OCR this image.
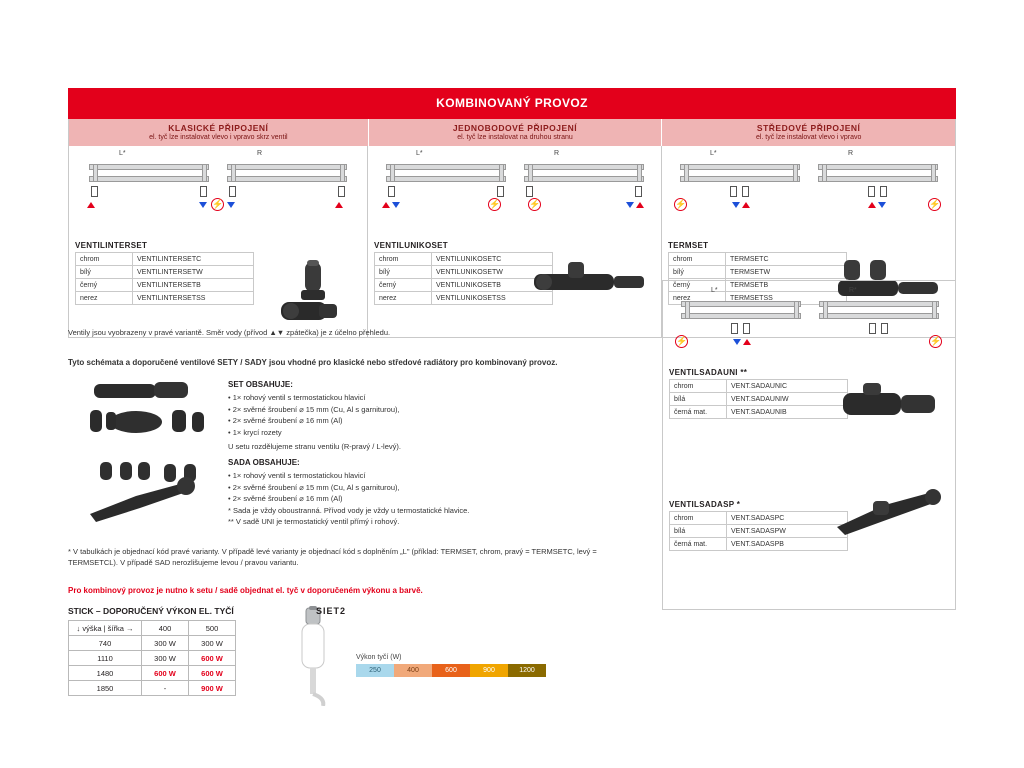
KOMBINOVANÝ PROVOZ
KLASICKÉ PŘIPOJENÍ
el. tyč lze instalovat vlevo i vpravo skrz ventil
JEDNOBODOVÉ PŘIPOJENÍ
el. tyč lze instalovat na druhou stranu
STŘEDOVÉ PŘIPOJENÍ
el. tyč lze instalovat vlevo i vpravo
L*	R
⚡
VENTILINTERSET
chrom	VENTILINTERSETC
bílý	VENTILINTERSETW
černý	VENTILINTERSETB
nerez	VENTILINTERSETSS
L*	R
⚡	⚡
VENTILUNIKOSET
chrom	VENTILUNIKOSETC
bílý	VENTILUNIKOSETW
černý	VENTILUNIKOSETB
nerez	VENTILUNIKOSETSS
L*	R
⚡	⚡
TERMSET
chrom	TERMSETC
bílý	TERMSETW
černý	TERMSETB
nerez	TERMSETSS
Ventily jsou vyobrazeny v pravé variantě. Směr vody (přívod ▲▼ zpátečka) je z účelno přehledu.
Tyto schémata a doporučené ventilové SETY / SADY jsou vhodné pro klasické nebo středové radiátory pro kombinovaný provoz.
SET OBSAHUJE:
• 1× rohový ventil s termostatickou hlavicí
• 2× svěrné šroubení ⌀ 15 mm (Cu, Al s garniturou),
• 2× svěrné šroubení ⌀ 16 mm (Al)
• 1× krycí rozety
U setu rozdělujeme stranu ventilu (R-pravý / L-levý).
SADA OBSAHUJE:
• 1× rohový ventil s termostatickou hlavicí
• 2× svěrné šroubení ⌀ 15 mm (Cu, Al s garniturou),
• 2× svěrné šroubení ⌀ 16 mm (Al)
* Sada je vždy oboustranná. Přívod vody je vždy u termostatické hlavice.
** V sadě UNI je termostatický ventil přímý i rohový.
* V tabulkách je objednací kód pravé varianty. V případě levé varianty je objednací kód s doplněním „L" (příklad: TERMSET, chrom, pravý = TERMSETC, levý = TERMSETCL). V případě SAD nerozlišujeme levou / pravou variantu.
Pro kombinový provoz je nutno k setu / sadě objednat el. tyč v doporučeném výkonu a barvě.
L*	R*
⚡	⚡
VENTILSADAUNI **
chrom	VENT.SADAUNIC
bílá	VENT.SADAUNIW
černá mat.	VENT.SADAUNIB
VENTILSADASP *
chrom	VENT.SADASPC
bílá	VENT.SADASPW
černá mat.	VENT.SADASPB
STICK – DOPORUČENÝ VÝKON EL. TYČÍ
↓ výška | šířka →	400	500
740	300 W	300 W
1110	300 W	600 W
1480	600 W	600 W
1850	-	900 W
SIET2
Výkon tyčí (W)
250	400	600	900	1200
